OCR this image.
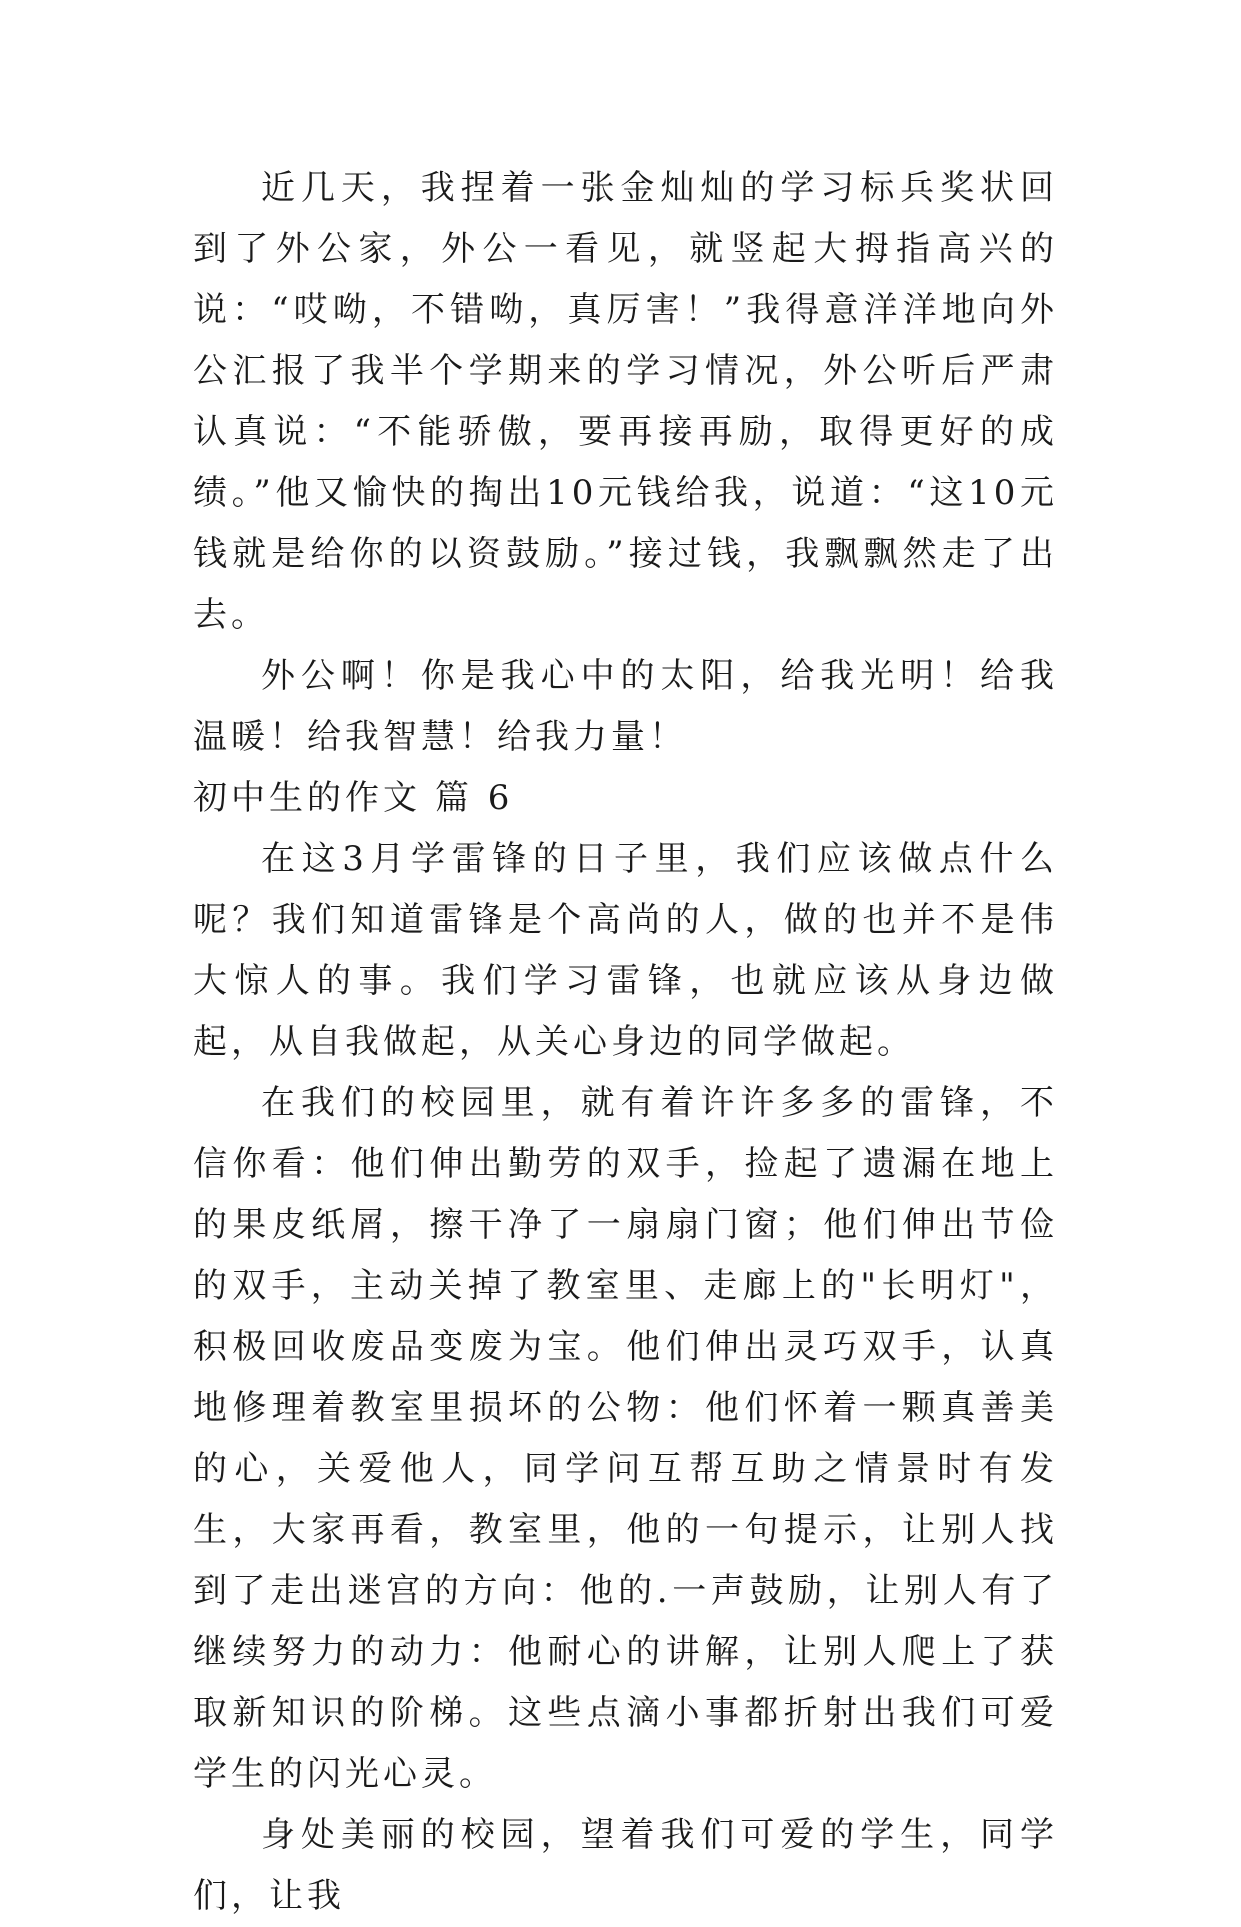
近几天，我捏着一张金灿灿的学习标兵奖状回到了外公家，外公一看见，就竖起大拇指高兴的说：“哎呦，不错呦，真厉害！”我得意洋洋地向外公汇报了我半个学期来的学习情况，外公听后严肃认真说：“不能骄傲，要再接再励，取得更好的成绩。”他又愉快的掏出10元钱给我，说道：“这10元钱就是给你的以资鼓励。”接过钱，我飘飘然走了出去。

外公啊！你是我心中的太阳，给我光明！给我温暖！给我智慧！给我力量！

初中生的作文 篇 6

在这3月学雷锋的日子里，我们应该做点什么呢？我们知道雷锋是个高尚的人，做的也并不是伟大惊人的事。我们学习雷锋，也就应该从身边做起，从自我做起，从关心身边的同学做起。

在我们的校园里，就有着许许多多的雷锋，不信你看：他们伸出勤劳的双手，捡起了遗漏在地上的果皮纸屑，擦干净了一扇扇门窗；他们伸出节俭的双手，主动关掉了教室里、走廊上的"长明灯"，积极回收废品变废为宝。他们伸出灵巧双手，认真地修理着教室里损坏的公物：他们怀着一颗真善美的心，关爱他人，同学问互帮互助之情景时有发生，大家再看，教室里，他的一句提示，让别人找到了走出迷宫的方向：他的.一声鼓励，让别人有了继续努力的动力：他耐心的讲解，让别人爬上了获取新知识的阶梯。这些点滴小事都折射出我们可爱学生的闪光心灵。

身处美丽的校园，望着我们可爱的学生，同学们，让我
